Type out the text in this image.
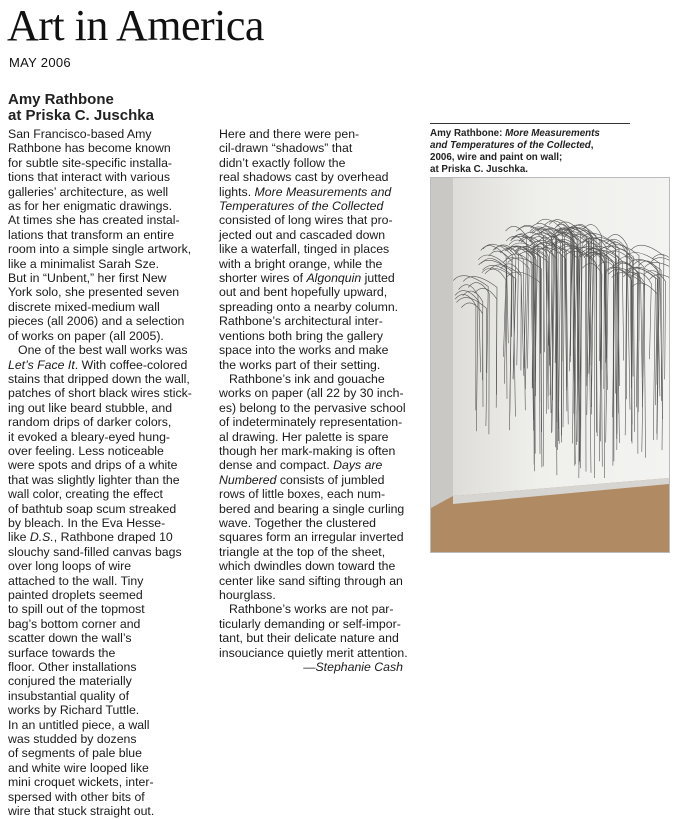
Art in America
MAY 2006
Amy Rathbone
at Priska C. Juschka
San Francisco-based Amy
Rathbone has become known
for subtle site-specific installa-
tions that interact with various
galleries’ architecture, as well
as for her enigmatic drawings.
At times she has created instal-
lations that transform an entire
room into a simple single artwork,
like a minimalist Sarah Sze.
But in “Unbent,” her first New
York solo, she presented seven
discrete mixed-medium wall
pieces (all 2006) and a selection
of works on paper (all 2005).
One of the best wall works was
Let’s Face It. With coffee-colored
stains that dripped down the wall,
patches of short black wires stick-
ing out like beard stubble, and
random drips of darker colors,
it evoked a bleary-eyed hung-
over feeling. Less noticeable
were spots and drips of a white
that was slightly lighter than the
wall color, creating the effect
of bathtub soap scum streaked
by bleach. In the Eva Hesse-
like D.S., Rathbone draped 10
slouchy sand-filled canvas bags
over long loops of wire
attached to the wall. Tiny
painted droplets seemed
to spill out of the topmost
bag’s bottom corner and
scatter down the wall’s
surface towards the
floor. Other installations
conjured the materially
insubstantial quality of
works by Richard Tuttle.
In an untitled piece, a wall
was studded by dozens
of segments of pale blue
and white wire looped like
mini croquet wickets, inter-
spersed with other bits of
wire that stuck straight out.
Here and there were pen-
cil-drawn “shadows” that
didn’t exactly follow the
real shadows cast by overhead
lights. More Measurements and
Temperatures of the Collected
consisted of long wires that pro-
jected out and cascaded down
like a waterfall, tinged in places
with a bright orange, while the
shorter wires of Algonquin jutted
out and bent hopefully upward,
spreading onto a nearby column.
Rathbone’s architectural inter-
ventions both bring the gallery
space into the works and make
the works part of their setting.
Rathbone’s ink and gouache
works on paper (all 22 by 30 inch-
es) belong to the pervasive school
of indeterminately representation-
al drawing. Her palette is spare
though her mark-making is often
dense and compact. Days are
Numbered consists of jumbled
rows of little boxes, each num-
bered and bearing a single curling
wave. Together the clustered
squares form an irregular inverted
triangle at the top of the sheet,
which dwindles down toward the
center like sand sifting through an
hourglass.
Rathbone’s works are not par-
ticularly demanding or self-impor-
tant, but their delicate nature and
insouciance quietly merit attention.
—Stephanie Cash
Amy Rathbone: More Measurements
and Temperatures of the Collected,
2006, wire and paint on wall;
at Priska C. Juschka.
